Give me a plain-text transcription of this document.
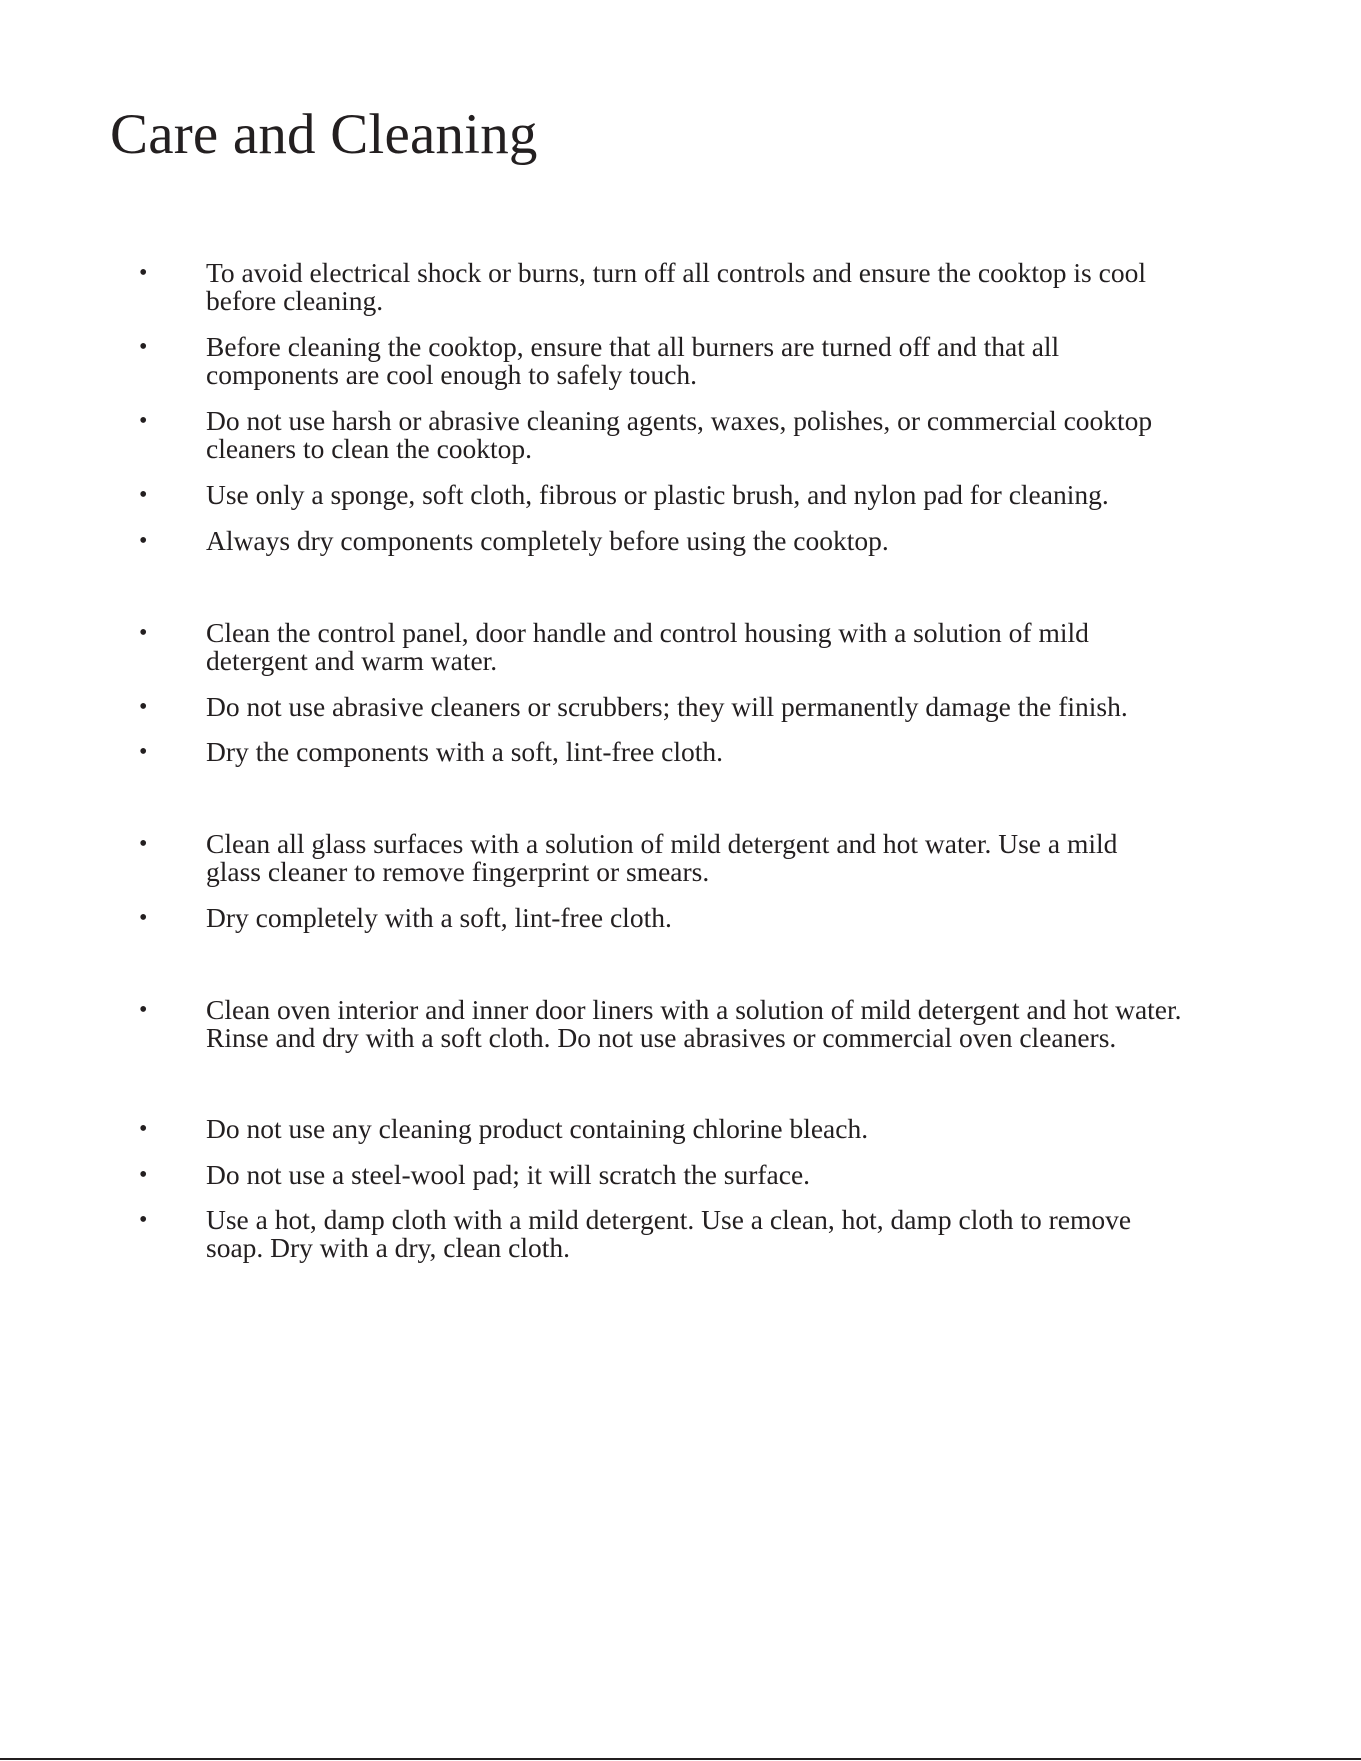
Care and Cleaning
• To avoid electrical shock or burns, turn off all controls and ensure the cooktop is cool
before cleaning.
• Before cleaning the cooktop, ensure that all burners are turned off and that all
components are cool enough to safely touch.
• Do not use harsh or abrasive cleaning agents, waxes, polishes, or commercial cooktop
cleaners to clean the cooktop.
• Use only a sponge, soft cloth, fibrous or plastic brush, and nylon pad for cleaning.
• Always dry components completely before using the cooktop.
• Clean the control panel, door handle and control housing with a solution of mild
detergent and warm water.
• Do not use abrasive cleaners or scrubbers; they will permanently damage the finish.
• Dry the components with a soft, lint-free cloth.
• Clean all glass surfaces with a solution of mild detergent and hot water. Use a mild
glass cleaner to remove fingerprint or smears.
• Dry completely with a soft, lint-free cloth.
• Clean oven interior and inner door liners with a solution of mild detergent and hot water.
Rinse and dry with a soft cloth. Do not use abrasives or commercial oven cleaners.
• Do not use any cleaning product containing chlorine bleach.
• Do not use a steel-wool pad; it will scratch the surface.
• Use a hot, damp cloth with a mild detergent. Use a clean, hot, damp cloth to remove
soap. Dry with a dry, clean cloth.
